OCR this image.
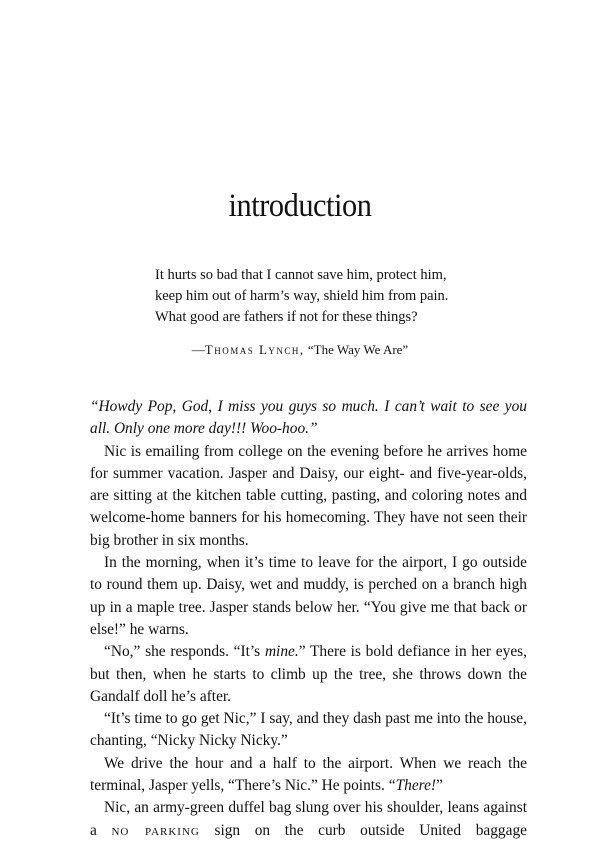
introduction
It hurts so bad that I cannot save him, protect him,
keep him out of harm’s way, shield him from pain.
What good are fathers if not for these things?
—Thomas Lynch, “The Way We Are”

“Howdy Pop, God, I miss you guys so much. I can’t wait to see you all. Only one more day!!! Woo-hoo.”

Nic is emailing from college on the evening before he arrives home for summer vacation. Jasper and Daisy, our eight- and five-year-olds, are sitting at the kitchen table cutting, pasting, and coloring notes and welcome-home banners for his homecoming. They have not seen their big brother in six months.

In the morning, when it’s time to leave for the airport, I go outside to round them up. Daisy, wet and muddy, is perched on a branch high up in a maple tree. Jasper stands below her. “You give me that back or else!” he warns.

“No,” she responds. “It’s mine.” There is bold defiance in her eyes, but then, when he starts to climb up the tree, she throws down the Gandalf doll he’s after.

“It’s time to go get Nic,” I say, and they dash past me into the house, chanting, “Nicky Nicky Nicky.”

We drive the hour and a half to the airport. When we reach the terminal, Jasper yells, “There’s Nic.” He points. “There!”

Nic, an army-green duffel bag slung over his shoulder, leans against a no parking sign on the curb outside United baggage
